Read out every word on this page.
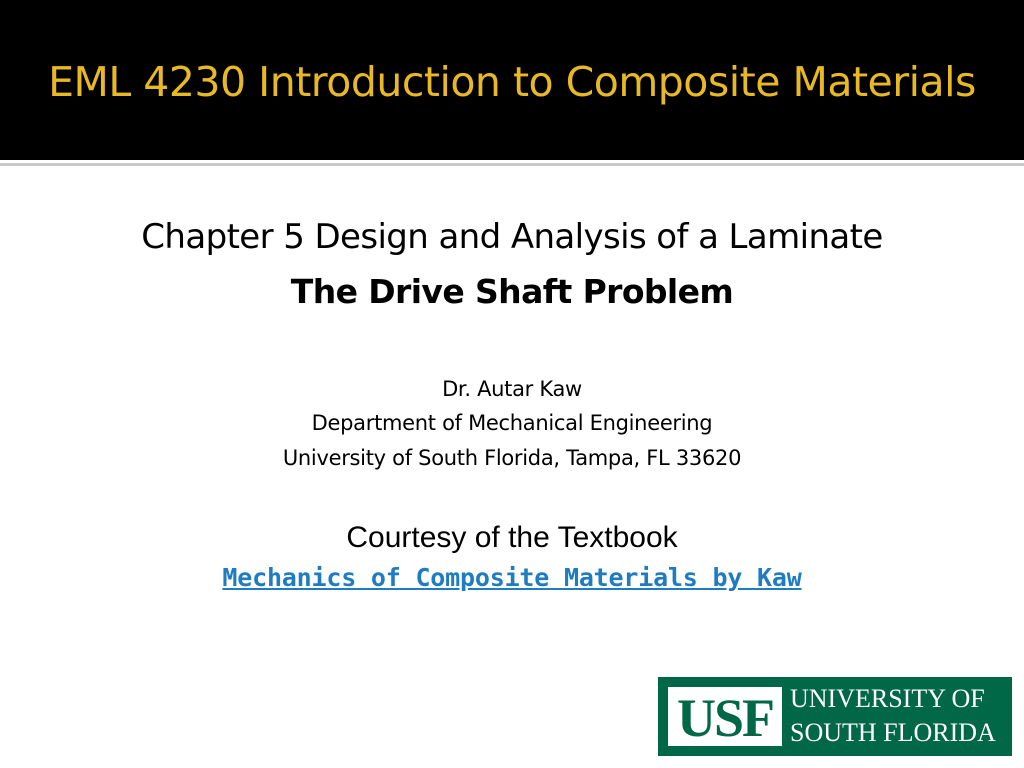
EML 4230 Introduction to Composite Materials
Chapter 5 Design and Analysis of a Laminate
The Drive Shaft Problem
Dr. Autar Kaw
Department of Mechanical Engineering
University of South Florida, Tampa, FL 33620
Courtesy of the Textbook
Mechanics of Composite Materials by Kaw
USF UNIVERSITY OF
SOUTH FLORIDA
